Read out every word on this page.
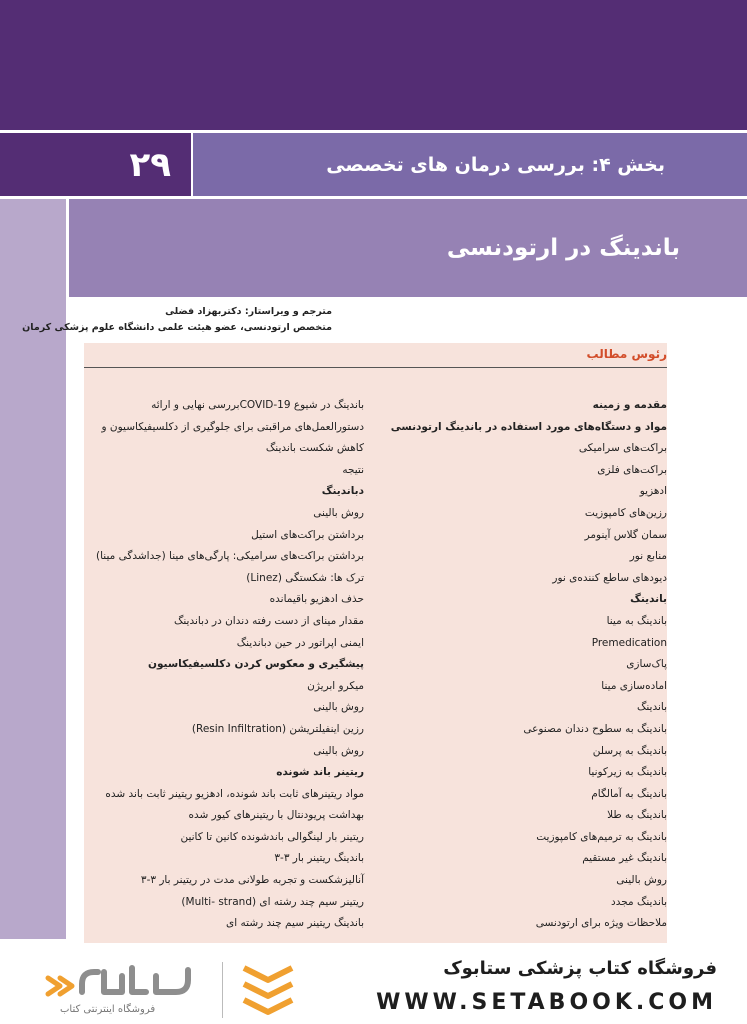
۲۹	بخش ۴: بررسی درمان های تخصصی
باندینگ در ارتودنسی
مترجم و ویراستار: دکتربهزاد فضلی
متخصص ارتودنسی، عضو هیئت علمی دانشگاه علوم پزشکی کرمان
رئوس مطالب
مقدمه و زمینه
مواد و دستگاه‌های مورد استفاده در باندینگ ارتودنسی
براکت‌های سرامیکی
براکت‌های فلزی
ادهزیو
رزین‌های کامپوزیت
سمان گلاس آینومر
منابع نور
دیودهای ساطع کننده‌ی نور
باندینگ
باندینگ به مینا
Premedication
پاک‌سازی
اماده‌سازی مینا
باندینگ
باندینگ به سطوح دندان مصنوعی
باندینگ به پرسلن
باندینگ به زیرکونیا
باندینگ به آمالگام
باندینگ به طلا
باندینگ به ترمیم‌های کامپوزیت
باندینگ غیر مستقیم
روش بالینی
باندینگ مجدد
ملاحظات ویژه برای ارتودنسی
باندینگ در شیوع COVID-19بررسی نهایی و ارائه
دستورالعمل‌های مراقبتی برای جلوگیری از دکلسیفیکاسیون و
کاهش شکست باندینگ
نتیجه
دباندینگ
روش بالینی
برداشتن براکت‌های استیل
برداشتن براکت‌های سرامیکی: پارگی‌های مینا (جداشدگی مینا)
ترک ها: شکستگی (Linez)
حذف ادهزیو باقیمانده
مقدار مینای از دست رفته دندان در دباندینگ
ایمنی اپراتور در حین دباندینگ
پیشگیری و معکوس کردن دکلسیفیکاسیون
میکرو ابریژن
روش بالینی
رزین اینفیلتریشن (Resin Infiltration)
روش بالینی
ریتینر باند شونده
مواد ریتینرهای ثابت باند شونده، ادهزیو ریتینر ثابت باند شده
بهداشت پریودنتال با ریتینرهای کیور شده
ریتینر بار لینگوالی باندشونده کانین تا کانین
باندینگ ریتینر بار ۳-۳
آنالیزشکست و تجربه طولانی مدت در ریتینر بار ۳-۳
ریتینر سیم چند رشته ای (Multi- strand)
باندینگ ریتینر سیم چند رشته ای
فروشگاه اینترنتی کتاب
فروشگاه کتاب پزشکی ستابوک
WWW.SETABOOK.COM
